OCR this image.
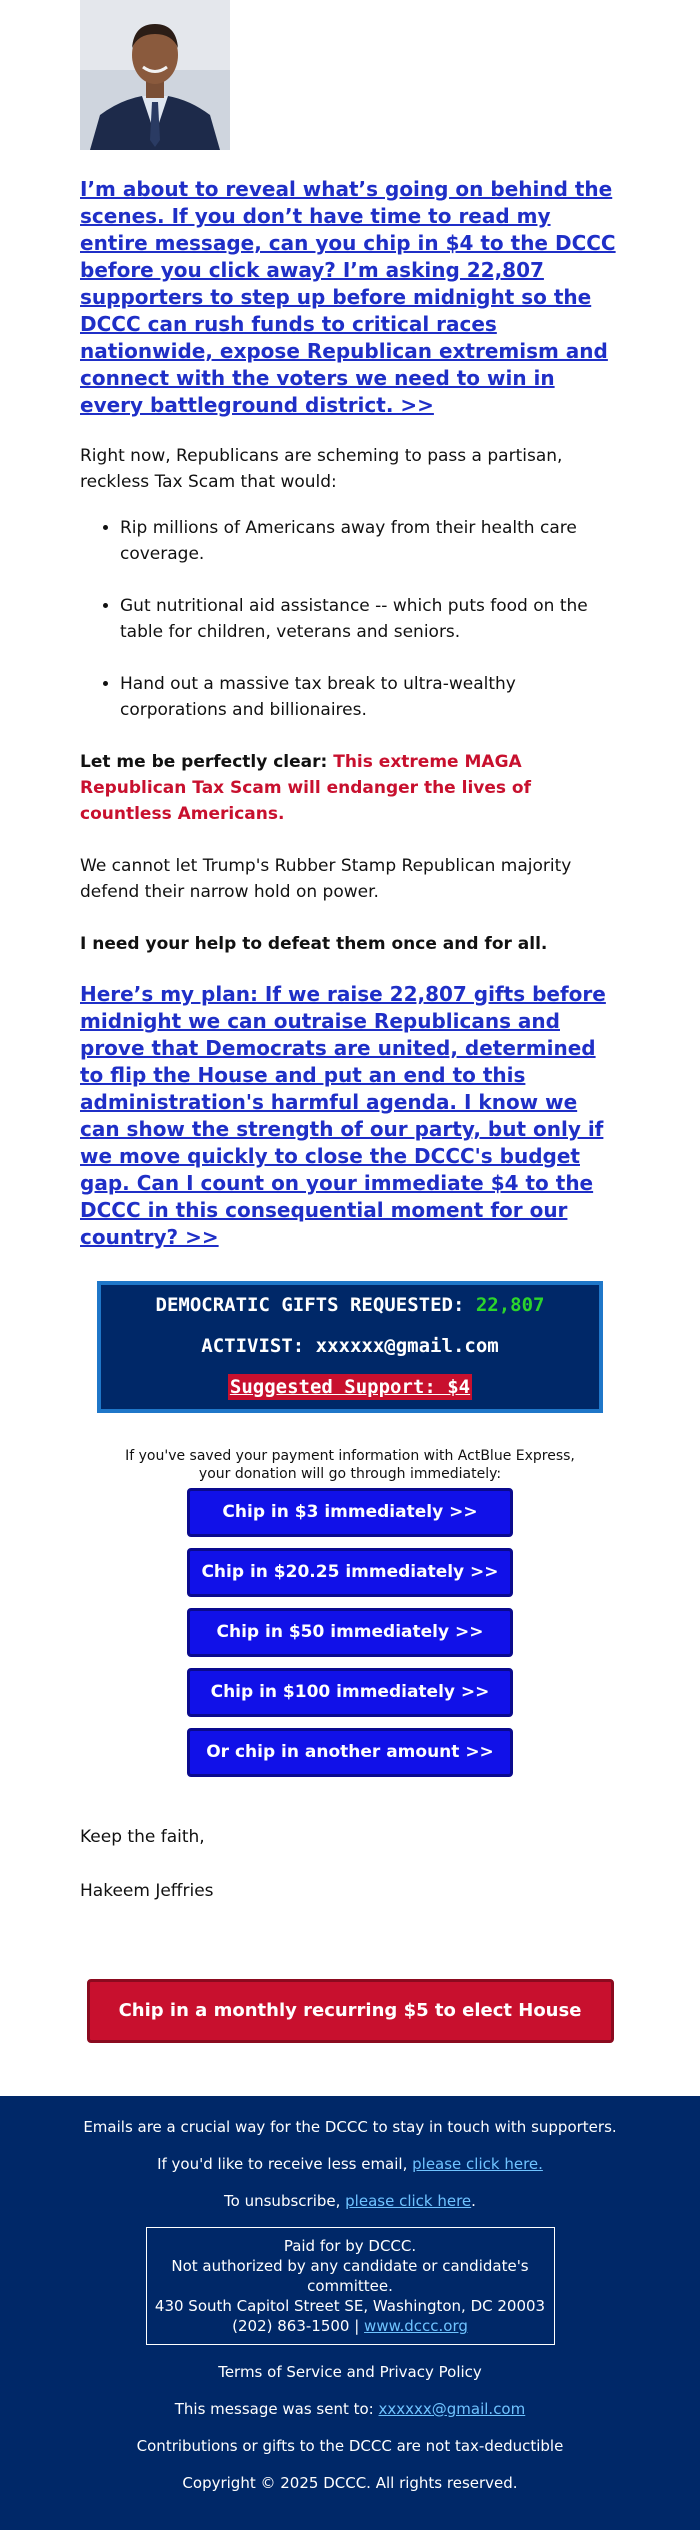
I’m about to reveal what’s going on behind the scenes. If you don’t have time to read my entire message, can you chip in $4 to the DCCC before you click away? I’m asking 22,807 supporters to step up before midnight so the DCCC can rush funds to critical races nationwide, expose Republican extremism and connect with the voters we need to win in every battleground district. >>

Right now, Republicans are scheming to pass a partisan, reckless Tax Scam that would:

• Rip millions of Americans away from their health care coverage.
• Gut nutritional aid assistance -- which puts food on the table for children, veterans and seniors.
• Hand out a massive tax break to ultra-wealthy corporations and billionaires.

Let me be perfectly clear: This extreme MAGA Republican Tax Scam will endanger the lives of countless Americans.

We cannot let Trump's Rubber Stamp Republican majority defend their narrow hold on power.

I need your help to defeat them once and for all.

Here’s my plan: If we raise 22,807 gifts before midnight we can outraise Republicans and prove that Democrats are united, determined to flip the House and put an end to this administration's harmful agenda. I know we can show the strength of our party, but only if we move quickly to close the DCCC's budget gap. Can I count on your immediate $4 to the DCCC in this consequential moment for our country? >>
DEMOCRATIC GIFTS REQUESTED: 22,807
ACTIVIST: xxxxxx@gmail.com
Suggested Support: $4
If you've saved your payment information with ActBlue Express,
your donation will go through immediately:
Chip in $3 immediately >>
Chip in $20.25 immediately >>
Chip in $50 immediately >>
Chip in $100 immediately >>
Or chip in another amount >>

Keep the faith,

Hakeem Jeffries

Chip in a monthly recurring $5 to elect House Dems >>
Emails are a crucial way for the DCCC to stay in touch with supporters.
If you'd like to receive less email, please click here.
To unsubscribe, please click here.
Paid for by DCCC.
Not authorized by any candidate or candidate's committee.
430 South Capitol Street SE, Washington, DC 20003
(202) 863-1500 | www.dccc.org
Terms of Service and Privacy Policy
This message was sent to: xxxxxx@gmail.com
Contributions or gifts to the DCCC are not tax-deductible
Copyright © 2025 DCCC. All rights reserved.
